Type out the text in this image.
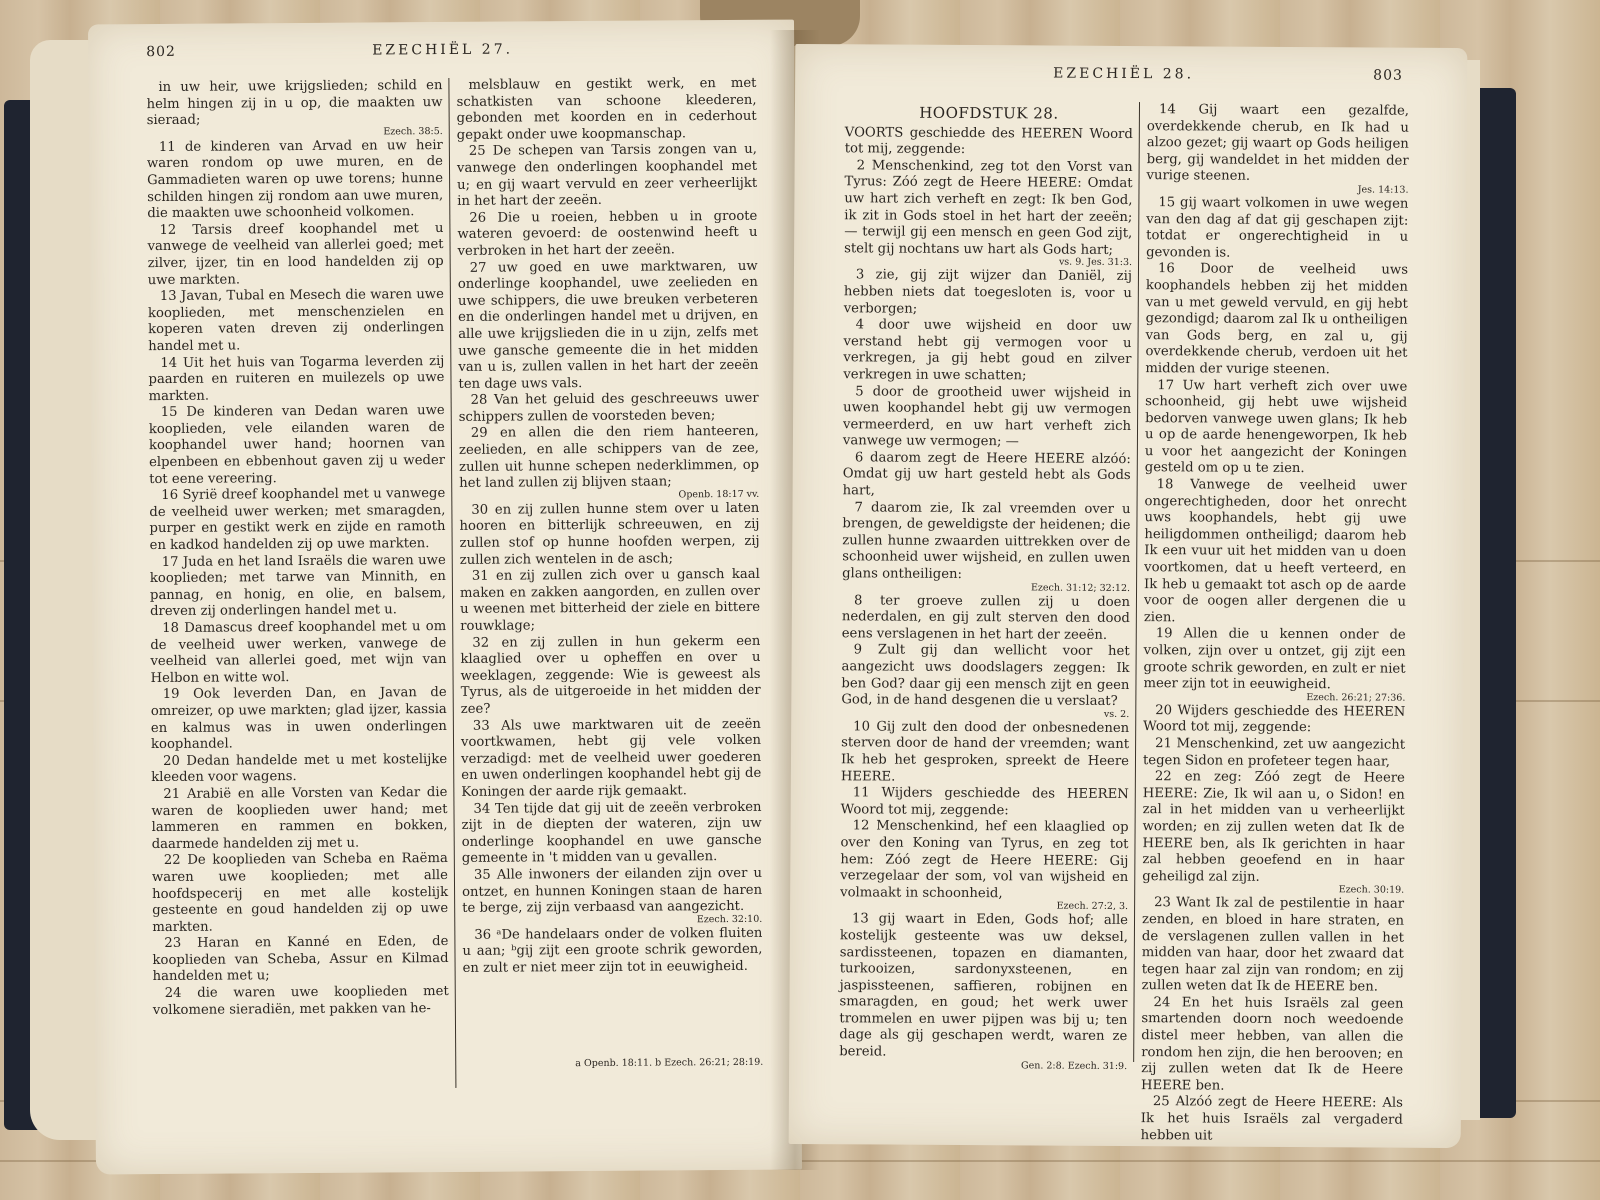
802	EZECHIËL 27.

in uw heir, uwe krijgslieden; schild en helm hingen zij in u op, die maakten uw sieraad;
Ezech. 38:5.

11 de kinderen van Arvad en uw heir waren rondom op uwe muren, en de Gammadieten waren op uwe torens; hunne schilden hingen zij rondom aan uwe muren, die maakten uwe schoonheid volkomen.

12 Tarsis dreef koophandel met u vanwege de veelheid van allerlei goed; met zilver, ijzer, tin en lood handelden zij op uwe markten.

13 Javan, Tubal en Mesech die waren uwe kooplieden, met menschenzielen en koperen vaten dreven zij onderlingen handel met u.

14 Uit het huis van Togarma leverden zij paarden en ruiteren en muilezels op uwe markten.

15 De kinderen van Dedan waren uwe kooplieden, vele eilanden waren de koophandel uwer hand; hoornen van elpenbeen en ebbenhout gaven zij u weder tot eene vereering.

16 Syrië dreef koophandel met u vanwege de veelheid uwer werken; met smaragden, purper en gestikt werk en zijde en ramoth en kadkod handelden zij op uwe markten.

17 Juda en het land Israëls die waren uwe kooplieden; met tarwe van Minnith, en pannag, en honig, en olie, en balsem, dreven zij onderlingen handel met u.

18 Damascus dreef koophandel met u om de veelheid uwer werken, vanwege de veelheid van allerlei goed, met wijn van Helbon en witte wol.

19 Ook leverden Dan, en Javan de omreizer, op uwe markten; glad ijzer, kassia en kalmus was in uwen onderlingen koophandel.

20 Dedan handelde met u met kostelijke kleeden voor wagens.

21 Arabië en alle Vorsten van Kedar die waren de kooplieden uwer hand; met lammeren en rammen en bokken, daarmede handelden zij met u.

22 De kooplieden van Scheba en Raëma waren uwe kooplieden; met alle hoofdspecerij en met alle kostelijk gesteente en goud handelden zij op uwe markten.

23 Haran en Kanné en Eden, de kooplieden van Scheba, Assur en Kilmad handelden met u;

24 die waren uwe kooplieden met volkomene sieradiën, met pakken van he-

melsblauw en gestikt werk, en met schatkisten van schoone kleederen, gebonden met koorden en in cederhout gepakt onder uwe koopmanschap.

25 De schepen van Tarsis zongen van u, vanwege den onderlingen koophandel met u; en gij waart vervuld en zeer verheerlijkt in het hart der zeeën.

26 Die u roeien, hebben u in groote wateren gevoerd: de oostenwind heeft u verbroken in het hart der zeeën.

27 uw goed en uwe marktwaren, uw onderlinge koophandel, uwe zeelieden en uwe schippers, die uwe breuken verbeteren en die onderlingen handel met u drijven, en alle uwe krijgslieden die in u zijn, zelfs met uwe gansche gemeente die in het midden van u is, zullen vallen in het hart der zeeën ten dage uws vals.

28 Van het geluid des geschreeuws uwer schippers zullen de voorsteden beven;

29 en allen die den riem hanteeren, zeelieden, en alle schippers van de zee, zullen uit hunne schepen nederklimmen, op het land zullen zij blijven staan;
Openb. 18:17 vv.

30 en zij zullen hunne stem over u laten hooren en bitterlijk schreeuwen, en zij zullen stof op hunne hoofden werpen, zij zullen zich wentelen in de asch;

31 en zij zullen zich over u gansch kaal maken en zakken aangorden, en zullen over u weenen met bitterheid der ziele en bittere rouwklage;

32 en zij zullen in hun gekerm een klaaglied over u opheffen en over u weeklagen, zeggende: Wie is geweest als Tyrus, als de uitgeroeide in het midden der zee?

33 Als uwe marktwaren uit de zeeën voortkwamen, hebt gij vele volken verzadigd: met de veelheid uwer goederen en uwen onderlingen koophandel hebt gij de Koningen der aarde rijk gemaakt.

34 Ten tijde dat gij uit de zeeën verbroken zijt in de diepten der wateren, zijn uw onderlinge koophandel en uwe gansche gemeente in 't midden van u gevallen.

35 Alle inwoners der eilanden zijn over u ontzet, en hunnen Koningen staan de haren te berge, zij zijn verbaasd van aangezicht.
Ezech. 32:10.

36 ᵃDe handelaars onder de volken fluiten u aan; ᵇgij zijt een groote schrik geworden, en zult er niet meer zijn tot in eeuwigheid.

a Openb. 18:11. b Ezech. 26:21; 28:19.
EZECHIËL 28.	803
HOOFDSTUK 28.

VOORTS geschiedde des HEEREN Woord tot mij, zeggende:

2 Menschenkind, zeg tot den Vorst van Tyrus: Zóó zegt de Heere HEERE: Omdat uw hart zich verheft en zegt: Ik ben God, ik zit in Gods stoel in het hart der zeeën; — terwijl gij een mensch en geen God zijt, stelt gij nochtans uw hart als Gods hart;
vs. 9. Jes. 31:3.

3 zie, gij zijt wijzer dan Daniël, zij hebben niets dat toegesloten is, voor u verborgen;

4 door uwe wijsheid en door uw verstand hebt gij vermogen voor u verkregen, ja gij hebt goud en zilver verkregen in uwe schatten;

5 door de grootheid uwer wijsheid in uwen koophandel hebt gij uw vermogen vermeerderd, en uw hart verheft zich vanwege uw vermogen; —

6 daarom zegt de Heere HEERE alzóó: Omdat gij uw hart gesteld hebt als Gods hart,

7 daarom zie, Ik zal vreemden over u brengen, de geweldigste der heidenen; die zullen hunne zwaarden uittrekken over de schoonheid uwer wijsheid, en zullen uwen glans ontheiligen:
Ezech. 31:12; 32:12.

8 ter groeve zullen zij u doen nederdalen, en gij zult sterven den dood eens verslagenen in het hart der zeeën.

9 Zult gij dan wellicht voor het aangezicht uws doodslagers zeggen: Ik ben God? daar gij een mensch zijt en geen God, in de hand desgenen die u verslaat?
vs. 2.

10 Gij zult den dood der onbesnedenen sterven door de hand der vreemden; want Ik heb het gesproken, spreekt de Heere HEERE.

11 Wijders geschiedde des HEEREN Woord tot mij, zeggende:

12 Menschenkind, hef een klaaglied op over den Koning van Tyrus, en zeg tot hem: Zóó zegt de Heere HEERE: Gij verzegelaar der som, vol van wijsheid en volmaakt in schoonheid,
Ezech. 27:2, 3.

13 gij waart in Eden, Gods hof; alle kostelijk gesteente was uw deksel, sardissteenen, topazen en diamanten, turkooizen, sardonyxsteenen, en jaspissteenen, saffieren, robijnen en smaragden, en goud; het werk uwer trommelen en uwer pijpen was bij u; ten dage als gij geschapen werdt, waren ze bereid.
Gen. 2:8. Ezech. 31:9.

14 Gij waart een gezalfde, overdekkende cherub, en Ik had u alzoo gezet; gij waart op Gods heiligen berg, gij wandeldet in het midden der vurige steenen.
Jes. 14:13.

15 gij waart volkomen in uwe wegen van den dag af dat gij geschapen zijt: totdat er ongerechtigheid in u gevonden is.

16 Door de veelheid uws koophandels hebben zij het midden van u met geweld vervuld, en gij hebt gezondigd; daarom zal Ik u ontheiligen van Gods berg, en zal u, gij overdekkende cherub, verdoen uit het midden der vurige steenen.

17 Uw hart verheft zich over uwe schoonheid, gij hebt uwe wijsheid bedorven vanwege uwen glans; Ik heb u op de aarde henengeworpen, Ik heb u voor het aangezicht der Koningen gesteld om op u te zien.

18 Vanwege de veelheid uwer ongerechtigheden, door het onrecht uws koophandels, hebt gij uwe heiligdommen ontheiligd; daarom heb Ik een vuur uit het midden van u doen voortkomen, dat u heeft verteerd, en Ik heb u gemaakt tot asch op de aarde voor de oogen aller dergenen die u zien.

19 Allen die u kennen onder de volken, zijn over u ontzet, gij zijt een groote schrik geworden, en zult er niet meer zijn tot in eeuwigheid.
Ezech. 26:21; 27:36.

20 Wijders geschiedde des HEEREN Woord tot mij, zeggende:

21 Menschenkind, zet uw aangezicht tegen Sidon en profeteer tegen haar,

22 en zeg: Zóó zegt de Heere HEERE: Zie, Ik wil aan u, o Sidon! en zal in het midden van u verheerlijkt worden; en zij zullen weten dat Ik de HEERE ben, als Ik gerichten in haar zal hebben geoefend en in haar geheiligd zal zijn.
Ezech. 30:19.

23 Want Ik zal de pestilentie in haar zenden, en bloed in hare straten, en de verslagenen zullen vallen in het midden van haar, door het zwaard dat tegen haar zal zijn van rondom; en zij zullen weten dat Ik de HEERE ben.

24 En het huis Israëls zal geen smartenden doorn noch weedoende distel meer hebben, van allen die rondom hen zijn, die hen berooven; en zij zullen weten dat Ik de Heere HEERE ben.

25 Alzóó zegt de Heere HEERE: Als Ik het huis Israëls zal vergaderd hebben uit
